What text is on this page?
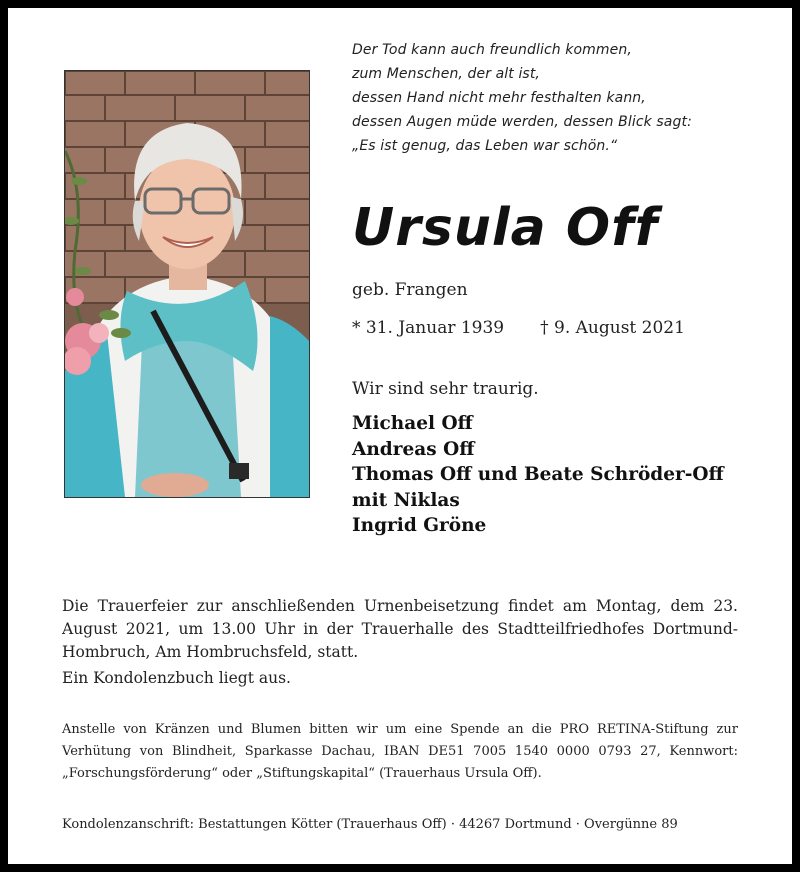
Der Tod kann auch freundlich kommen,
zum Menschen, der alt ist,
dessen Hand nicht mehr festhalten kann,
dessen Augen müde werden, dessen Blick sagt:
„Es ist genug, das Leben war schön.“
Ursula Off
geb. Frangen
* 31. Januar 1939 † 9. August 2021
Wir sind sehr traurig.
Michael Off
Andreas Off
Thomas Off und Beate Schröder-Off
mit Niklas
Ingrid Gröne
Die Trauerfeier zur anschließenden Urnenbeisetzung findet am Montag, dem 23. August 2021, um 13.00 Uhr in der Trauerhalle des Stadtteilfriedhofes Dortmund-Hombruch, Am Hombruchsfeld, statt.
Ein Kondolenzbuch liegt aus.
Anstelle von Kränzen und Blumen bitten wir um eine Spende an die PRO RETINA-Stiftung zur Verhütung von Blindheit, Sparkasse Dachau, IBAN DE51 7005 1540 0000 0793 27, Kennwort: „Forschungsförderung“ oder „Stiftungskapital“ (Trauerhaus Ursula Off).
Kondolenzanschrift: Bestattungen Kötter (Trauerhaus Off) · 44267 Dortmund · Overgünne 89
